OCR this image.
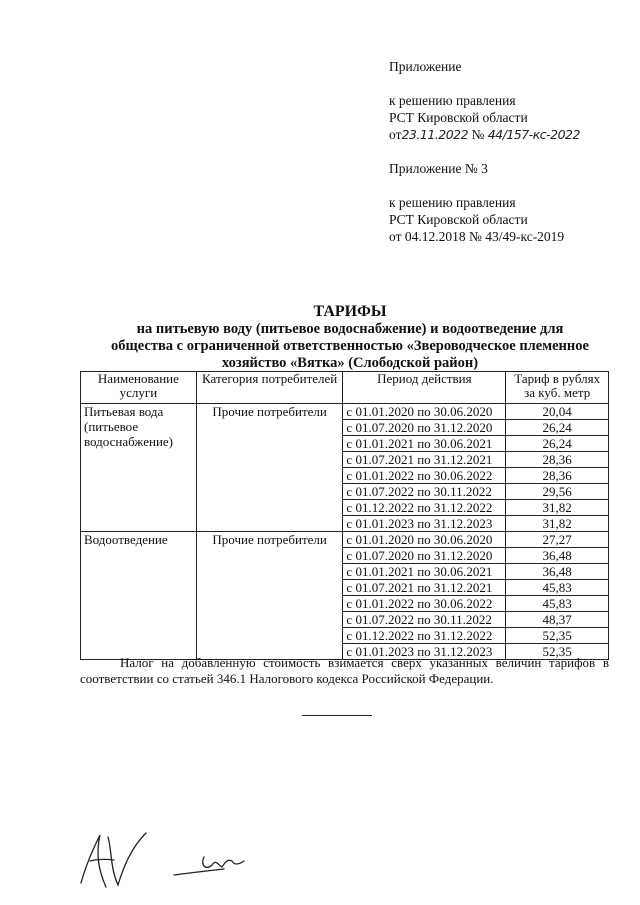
Приложение
к решению правления
РСТ Кировской области
от23.11.2022 № 44/157-кс-2022
Приложение № 3
к решению правления
РСТ Кировской области
от 04.12.2018 № 43/49-кс-2019
ТАРИФЫ
на питьевую воду (питьевое водоснабжение) и водоотведение для
общества с ограниченной ответственностью «Звероводческое племенное
хозяйство «Вятка» (Слободской район)
Наименование услуги	Категория потребителей	Период действия	Тариф в рублях за куб. метр
Питьевая вода (питьевое водоснабжение)	Прочие потребители	с 01.01.2020 по 30.06.2020	20,04
		с 01.07.2020 по 31.12.2020	26,24
		с 01.01.2021 по 30.06.2021	26,24
		с 01.07.2021 по 31.12.2021	28,36
		с 01.01.2022 по 30.06.2022	28,36
		с 01.07.2022 по 30.11.2022	29,56
		с 01.12.2022 по 31.12.2022	31,82
		с 01.01.2023 по 31.12.2023	31,82
Водоотведение	Прочие потребители	с 01.01.2020 по 30.06.2020	27,27
		с 01.07.2020 по 31.12.2020	36,48
		с 01.01.2021 по 30.06.2021	36,48
		с 01.07.2021 по 31.12.2021	45,83
		с 01.01.2022 по 30.06.2022	45,83
		с 01.07.2022 по 30.11.2022	48,37
		с 01.12.2022 по 31.12.2022	52,35
		с 01.01.2023 по 31.12.2023	52,35
Налог на добавленную стоимость взимается сверх указанных величин тарифов в соответствии со статьей 346.1 Налогового кодекса Российской Федерации.
